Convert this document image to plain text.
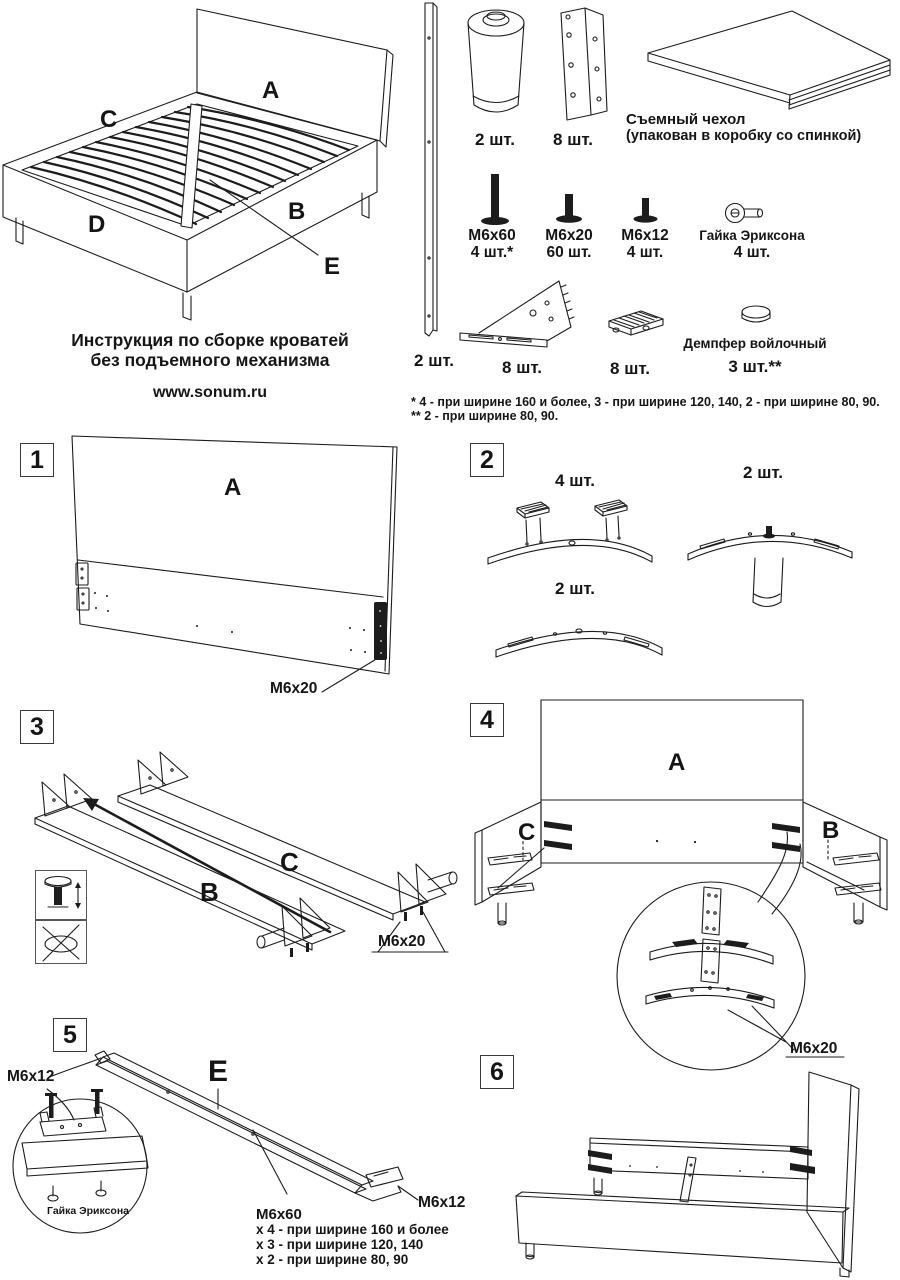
A
C
D	B
E
Инструкция по сборке кроватей
без подъемного механизма
www.sonum.ru
2 шт.
2 шт.	8 шт.
Съемный чехол
(упакован в коробку со спинкой)
M6x60
4 шт.*
M6x20
60 шт.
M6x12
4 шт.
Гайка Эриксона
4 шт.
8 шт.	8 шт.
Демпфер войлочный
3 шт.**
* 4 - при ширине 160 и более, 3 - при ширине 120, 140, 2 - при ширине 80, 90.
** 2 - при ширине 80, 90.
1
A
M6x20
2
4 шт.	2 шт.
2 шт.
3
B
C
M6x20
4
A
C	B
M6x20
5
M6x12	E
Гайка Эриксона	M6x60
x 4 - при ширине 160 и более
x 3 - при ширине 120, 140
x 2 - при ширине 80, 90
M6x12
6
